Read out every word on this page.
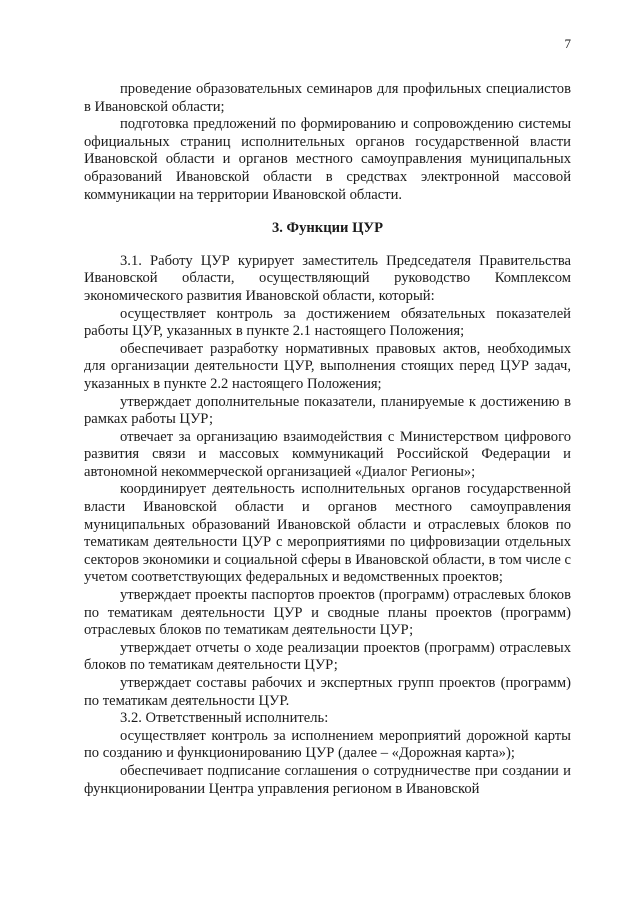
7

проведение образовательных семинаров для профильных специалистов в Ивановской области;

подготовка предложений по формированию и сопровождению системы официальных страниц исполнительных органов государственной власти Ивановской области и органов местного самоуправления муниципальных образований Ивановской области в средствах электронной массовой коммуникации на территории Ивановской области.

3. Функции ЦУР

3.1. Работу ЦУР курирует заместитель Председателя Правительства Ивановской области, осуществляющий руководство Комплексом экономического развития Ивановской области, который:

осуществляет контроль за достижением обязательных показателей работы ЦУР, указанных в пункте 2.1 настоящего Положения;

обеспечивает разработку нормативных правовых актов, необходимых для организации деятельности ЦУР, выполнения стоящих перед ЦУР задач, указанных в пункте 2.2 настоящего Положения;

утверждает дополнительные показатели, планируемые к достижению в рамках работы ЦУР;

отвечает за организацию взаимодействия с Министерством цифрового развития связи и массовых коммуникаций Российской Федерации и автономной некоммерческой организацией «Диалог Регионы»;

координирует деятельность исполнительных органов государственной власти Ивановской области и органов местного самоуправления муниципальных образований Ивановской области и отраслевых блоков по тематикам деятельности ЦУР с мероприятиями по цифровизации отдельных секторов экономики и социальной сферы в Ивановской области, в том числе с учетом соответствующих федеральных и ведомственных проектов;

утверждает проекты паспортов проектов (программ) отраслевых блоков по тематикам деятельности ЦУР и сводные планы проектов (программ) отраслевых блоков по тематикам деятельности ЦУР;

утверждает отчеты о ходе реализации проектов (программ) отраслевых блоков по тематикам деятельности ЦУР;

утверждает составы рабочих и экспертных групп проектов (программ) по тематикам деятельности ЦУР.

3.2. Ответственный исполнитель:

осуществляет контроль за исполнением мероприятий дорожной карты по созданию и функционированию ЦУР (далее – «Дорожная карта»);

обеспечивает подписание соглашения о сотрудничестве при создании и функционировании Центра управления регионом в Ивановской
